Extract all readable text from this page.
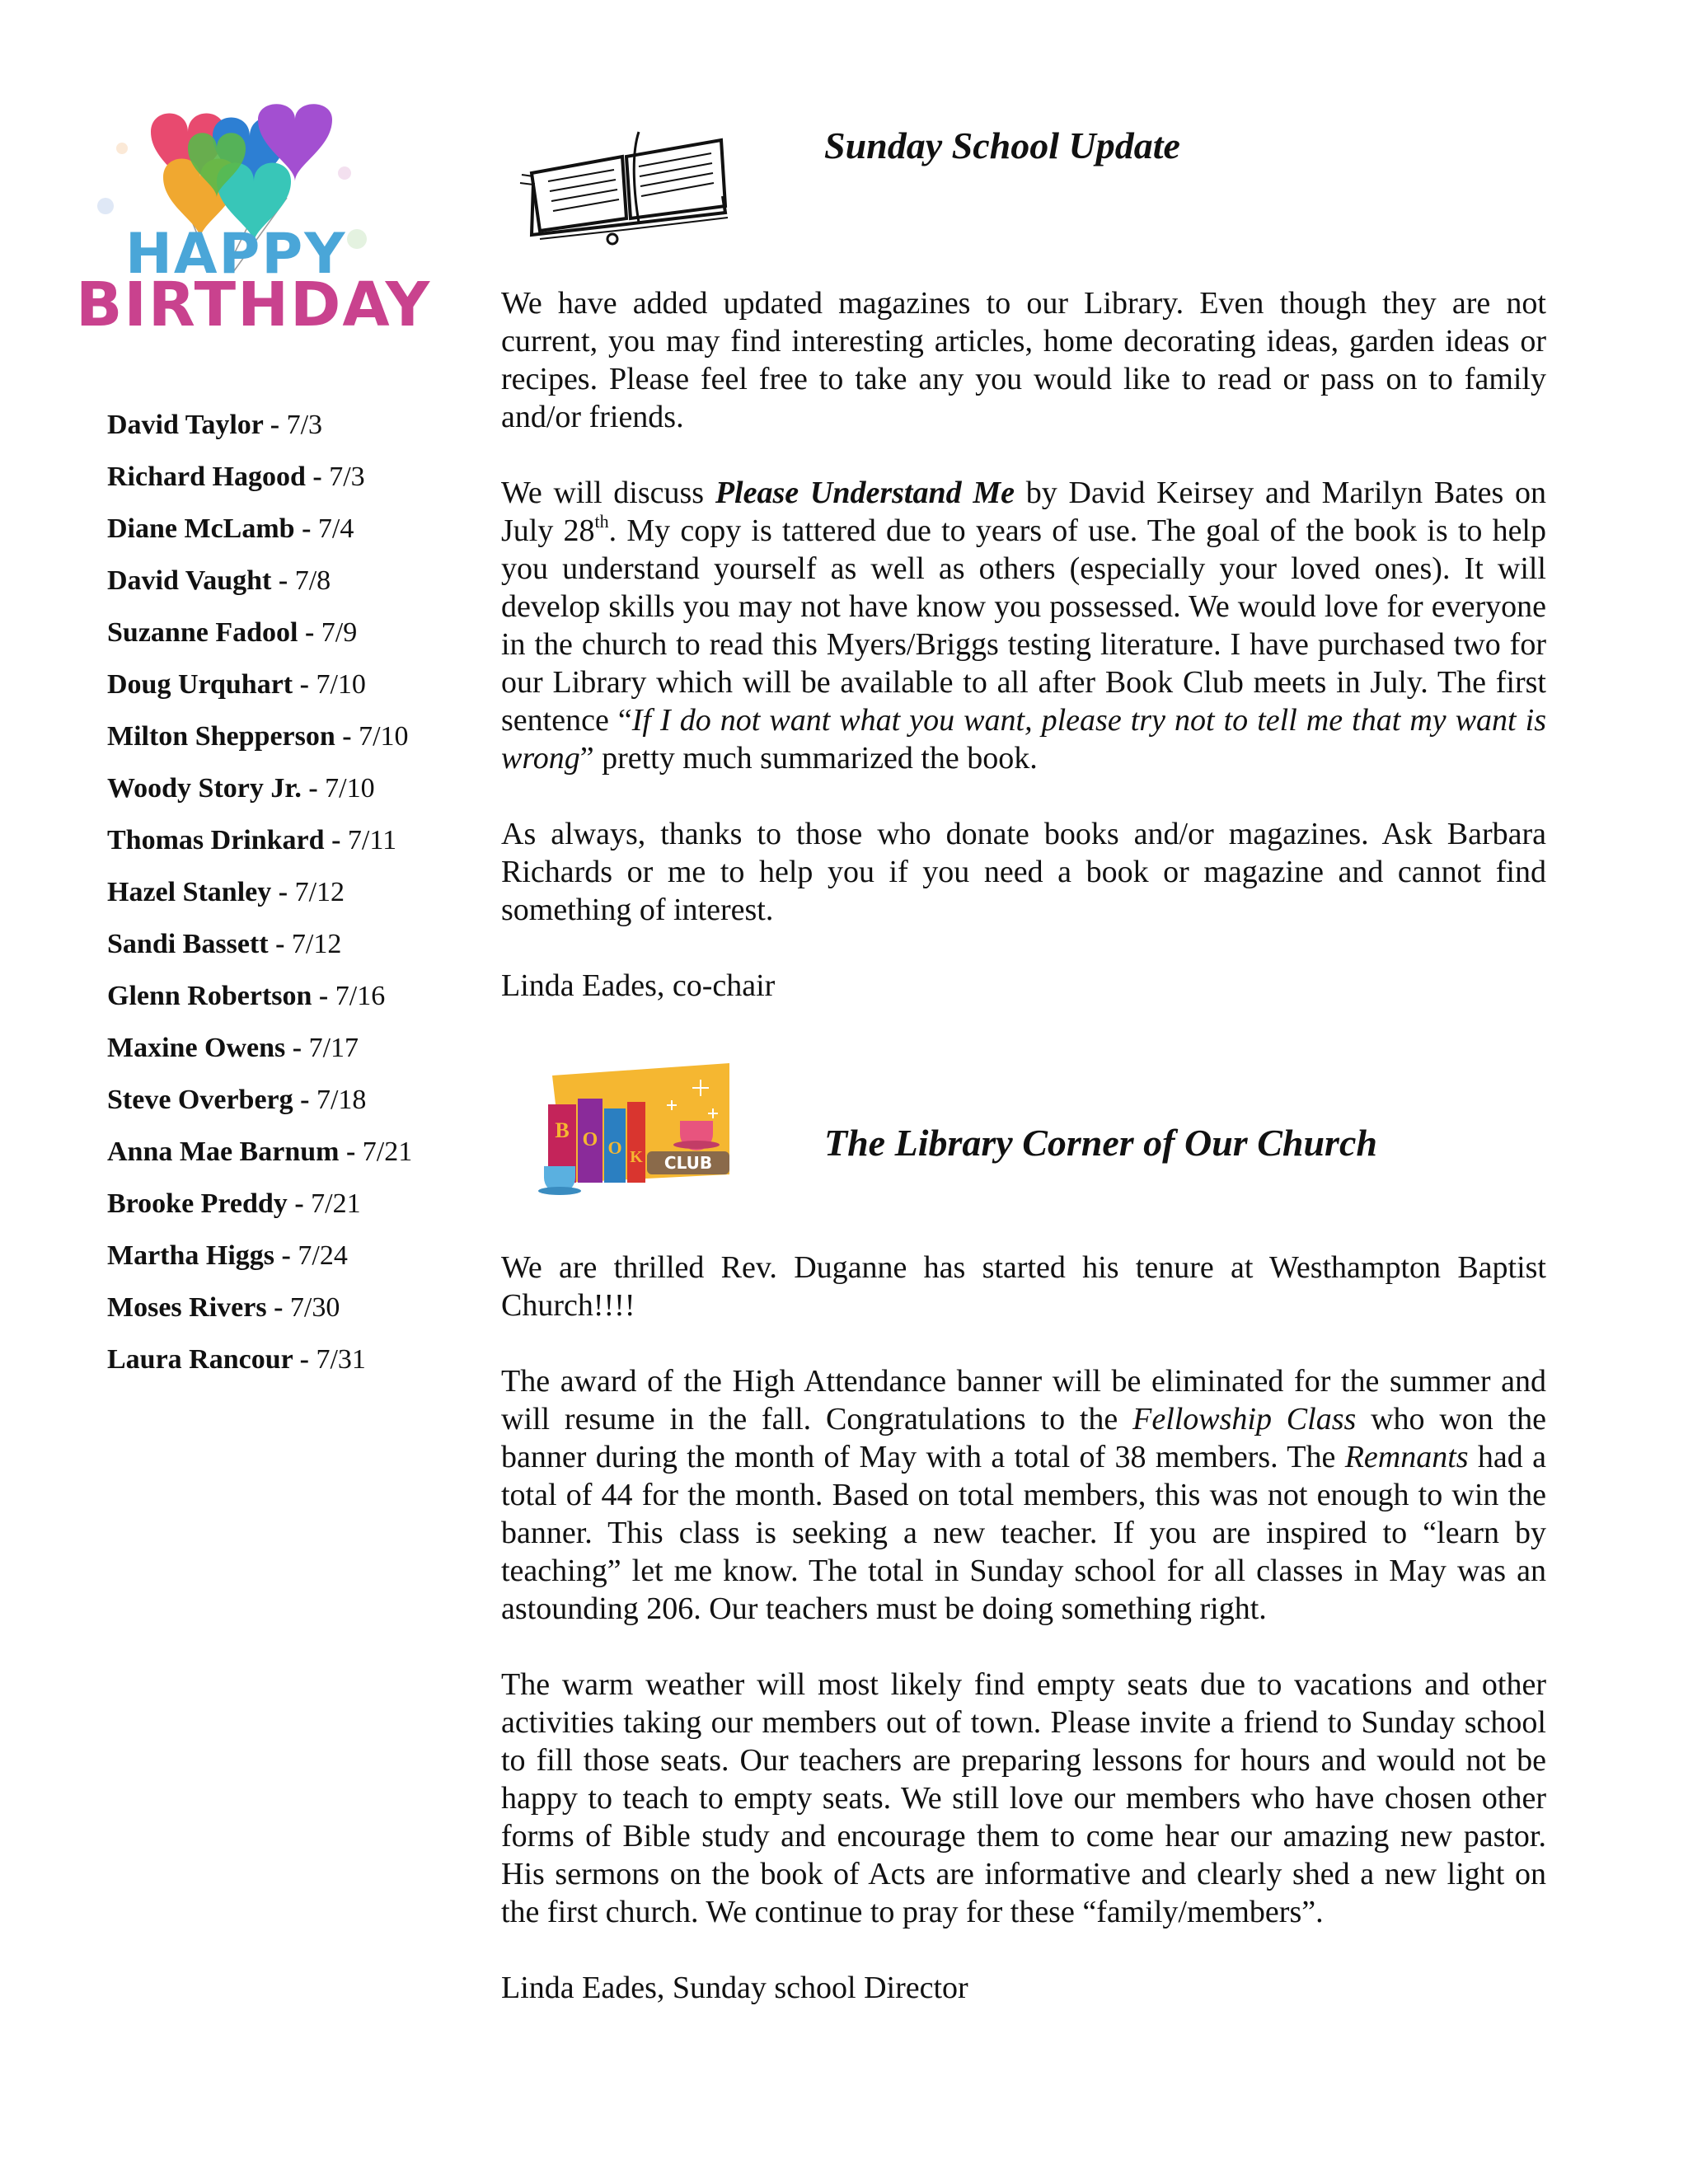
HAPPY
BIRTHDAY
David Taylor - 7/3
Richard Hagood - 7/3
Diane McLamb - 7/4
David Vaught - 7/8
Suzanne Fadool - 7/9
Doug Urquhart - 7/10
Milton Shepperson - 7/10
Woody Story Jr. - 7/10
Thomas Drinkard - 7/11
Hazel Stanley - 7/12
Sandi Bassett - 7/12
Glenn Robertson - 7/16
Maxine Owens - 7/17
Steve Overberg - 7/18
Anna Mae Barnum - 7/21
Brooke Preddy - 7/21
Martha Higgs - 7/24
Moses Rivers - 7/30
Laura Rancour - 7/31
Sunday School Update

We have added updated magazines to our Library. Even though they are not current, you may find interesting articles, home decorating ideas, garden ideas or recipes. Please feel free to take any you would like to read or pass on to family and/or friends.

We will discuss Please Understand Me by David Keirsey and Marilyn Bates on July 28th. My copy is tattered due to years of use. The goal of the book is to help you understand yourself as well as others (especially your loved ones). It will develop skills you may not have know you possessed. We would love for everyone in the church to read this Myers/Briggs testing literature. I have purchased two for our Library which will be available to all after Book Club meets in July. The first sentence “If I do not want what you want, please try not to tell me that my want is wrong” pretty much summarized the book.

As always, thanks to those who donate books and/or magazines. Ask Barbara Richards or me to help you if you need a book or magazine and cannot find something of interest.

Linda Eades, co-chair

B O O K CLUB	The Library Corner of Our Church

We are thrilled Rev. Duganne has started his tenure at Westhampton Baptist Church!!!!

The award of the High Attendance banner will be eliminated for the summer and will resume in the fall. Congratulations to the Fellowship Class who won the banner during the month of May with a total of 38 members. The Remnants had a total of 44 for the month. Based on total members, this was not enough to win the banner. This class is seeking a new teacher. If you are inspired to “learn by teaching” let me know. The total in Sunday school for all classes in May was an astounding 206. Our teachers must be doing something right.

The warm weather will most likely find empty seats due to vacations and other activities taking our members out of town. Please invite a friend to Sunday school to fill those seats. Our teachers are preparing lessons for hours and would not be happy to teach to empty seats. We still love our members who have chosen other forms of Bible study and encourage them to come hear our amazing new pastor. His sermons on the book of Acts are informative and clearly shed a new light on the first church. We continue to pray for these “family/members”.

Linda Eades, Sunday school Director
